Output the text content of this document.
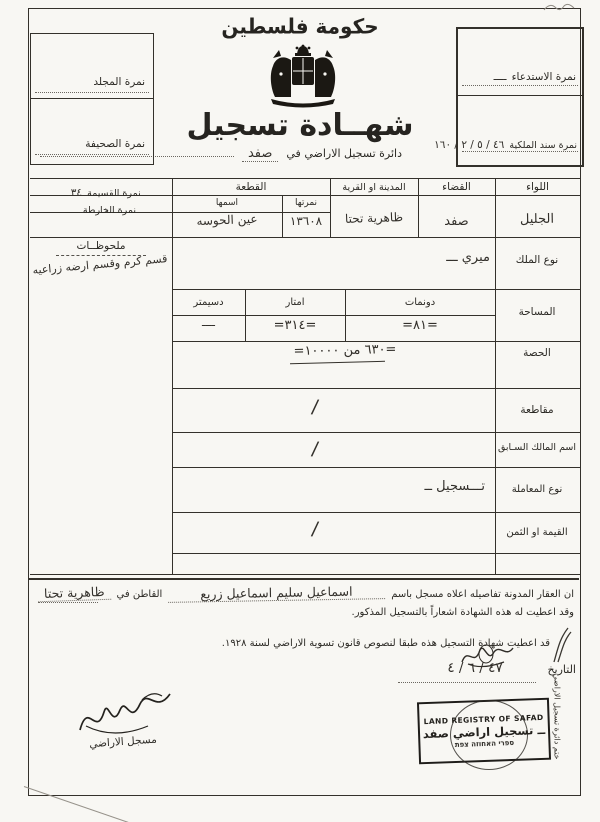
حكومة فلسطين
شهــادة تسجيل
دائرة تسجيل الاراضي في
صفد
نمرة المجلد
نمرة الصحيفة
نمرة الاستدعاء ــــ
نمرة سند الملكية ٤٦ / ٥ / ٢ / ١٦٠
اللواء
القضاء
المدينة او القرية
القطعة
نمرتها
اسمها
نمرة القسيمة ٣٤ ــ
نمرة الخارطة ــــ
الجليل
صفد
ظاهرية تحتا
١٣٦٠٨
عين الحوسه
نوع الملك
ميري ـــ
ملحوظــات
قسم كرم وقسم ارضه زراعيه
المساحة
دونمات
امتار
دسيمتر
=٨١=
=٣١٤=
ــــ
الحصة
=٦٣٠ من ١٠٠٠٠=
مقاطعة
/
اسم المالك السـابق
/
نوع المعاملة
تـــسجيل ــ
القيمة او الثمن
/
ان العقار المدونة تفاصيله اعلاه مسجل باسم
اسماعيل سليم اسماعيل زريع
القاطن في
ظاهرية تحتا
وقد اعطيت له هذه الشهادة اشعاراً بالتسجيل المذكور.
قد اعطيت شهادة التسجيل هذه طبقا لنصوص قانون تسوية الاراضي لسنة ١٩٢٨.
التاريخ
٤٧ / ٦ / ٤
مسجل الاراضي
LAND REGISTRY OF SAFAD
ــ تسجيل اراضي صفد
ספרי האחוזה צפת	ختم دائرة تسجيل الاراضي
